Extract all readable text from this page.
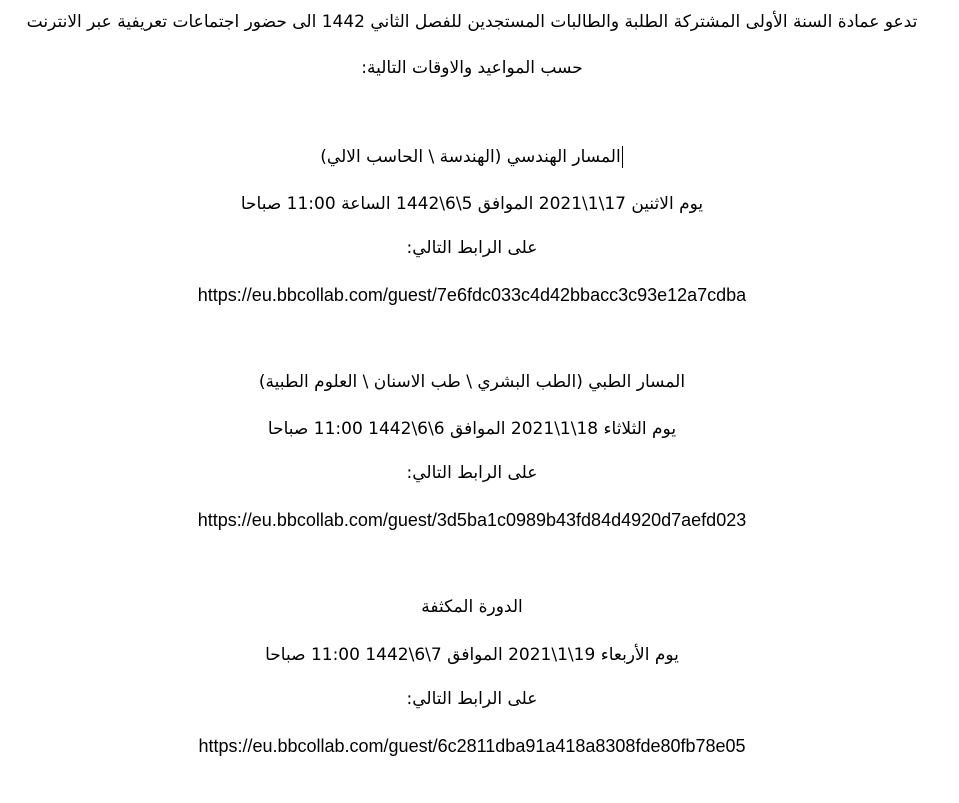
تدعو عمادة السنة الأولى المشتركة الطلبة والطالبات المستجدين للفصل الثاني 1442 الى حضور اجتماعات تعريفية عبر الانترنت
حسب المواعيد والاوقات التالية:
المسار الهندسي (الهندسة \ الحاسب الالي)
يوم الاثنين 17\1\2021 الموافق 5\6\1442 الساعة 11:00 صباحا
على الرابط التالي:
https://eu.bbcollab.com/guest/7e6fdc033c4d42bbacc3c93e12a7cdba
المسار الطبي (الطب البشري \ طب الاسنان \ العلوم الطبية)
يوم الثلاثاء 18\1\2021 الموافق 6\6\1442 11:00 صباحا
على الرابط التالي:
https://eu.bbcollab.com/guest/3d5ba1c0989b43fd84d4920d7aefd023
الدورة المكثفة
يوم الأربعاء 19\1\2021 الموافق 7\6\1442 11:00 صباحا
على الرابط التالي:
https://eu.bbcollab.com/guest/6c2811dba91a418a8308fde80fb78e05
